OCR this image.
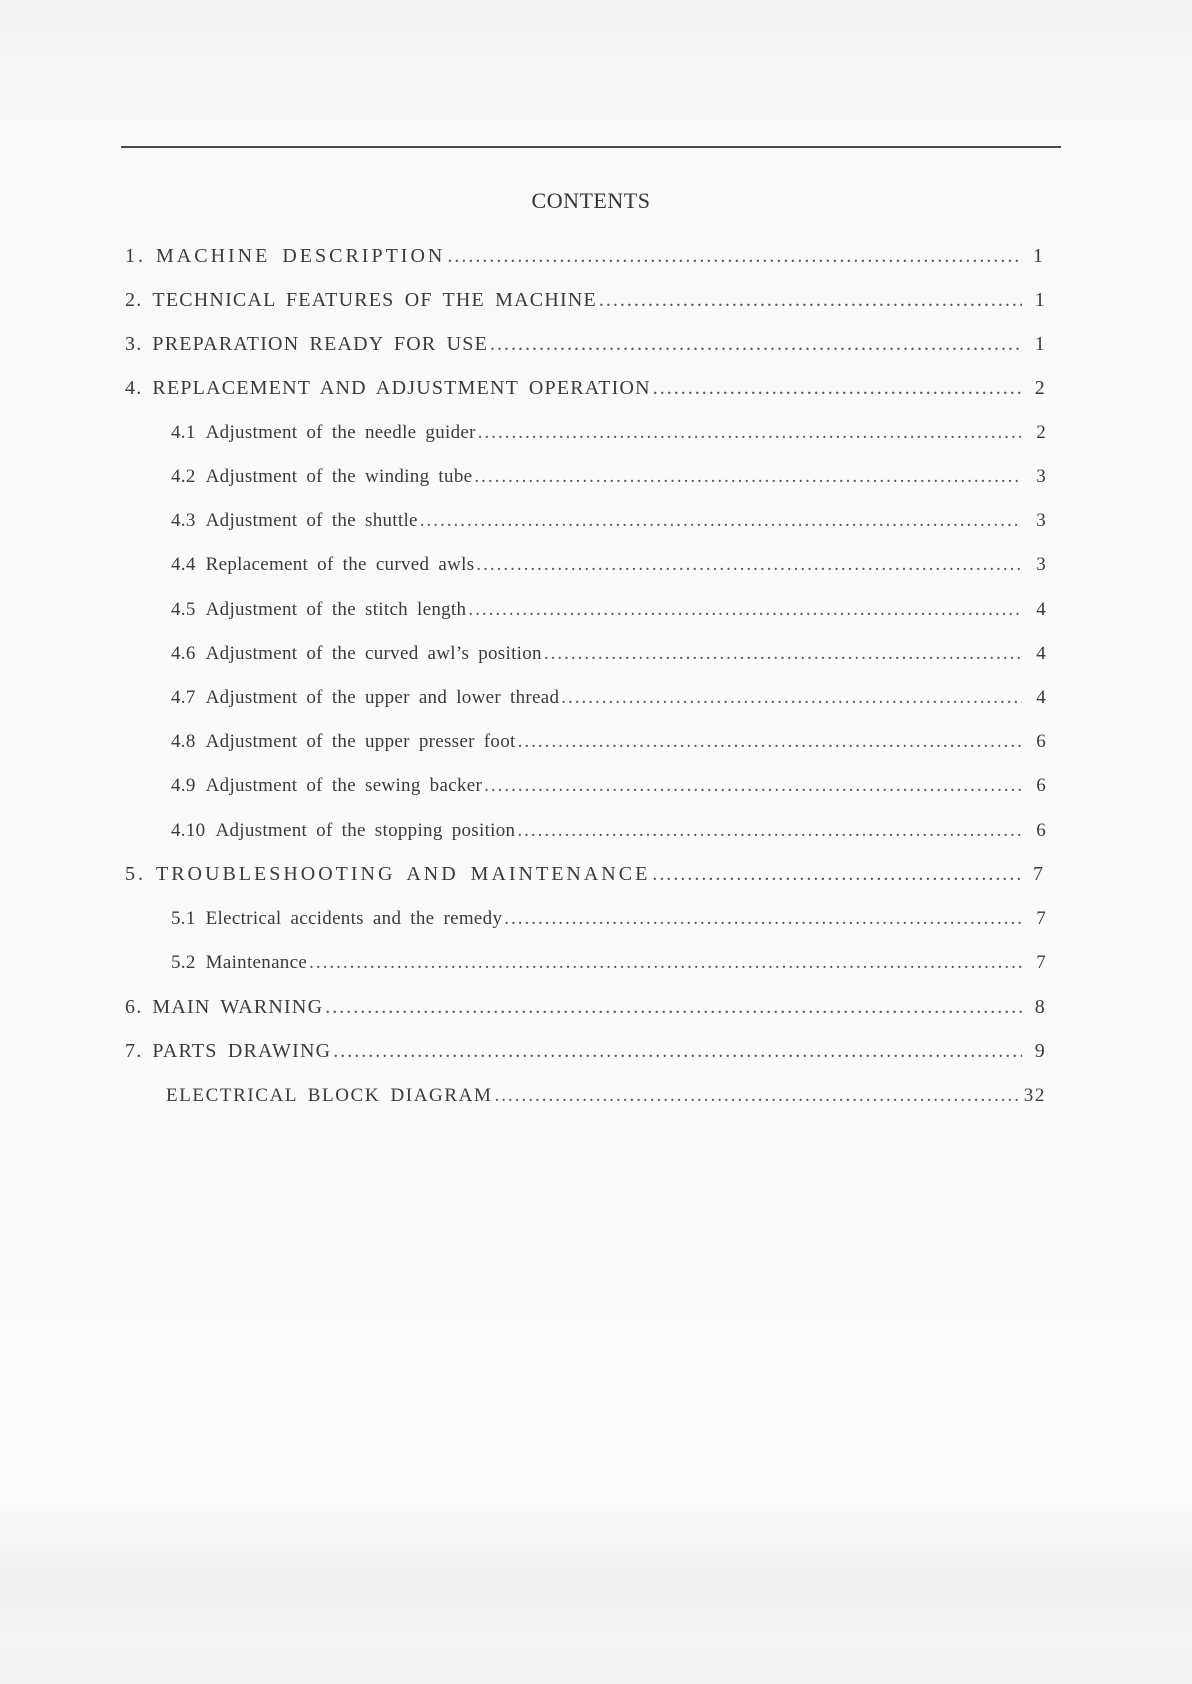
CONTENTS
1. MACHINE DESCRIPTION .....	1
2. TECHNICAL FEATURES OF THE MACHINE .....	1
3. PREPARATION READY FOR USE .....	1
4. REPLACEMENT AND ADJUSTMENT OPERATION .....	2
4.1 Adjustment of the needle guider .....	2
4.2 Adjustment of the winding tube .....	3
4.3 Adjustment of the shuttle .....	3
4.4 Replacement of the curved awls .....	3
4.5 Adjustment of the stitch length .....	4
4.6 Adjustment of the curved awl’s position .....	4
4.7 Adjustment of the upper and lower thread .....	4
4.8 Adjustment of the upper presser foot .....	6
4.9 Adjustment of the sewing backer .....	6
4.10 Adjustment of the stopping position .....	6
5. TROUBLESHOOTING AND MAINTENANCE .....	7
5.1 Electrical accidents and the remedy .....	7
5.2 Maintenance .....	7
6. MAIN WARNING .....	8
7. PARTS DRAWING .....	9
ELECTRICAL BLOCK DIAGRAM .....	32
